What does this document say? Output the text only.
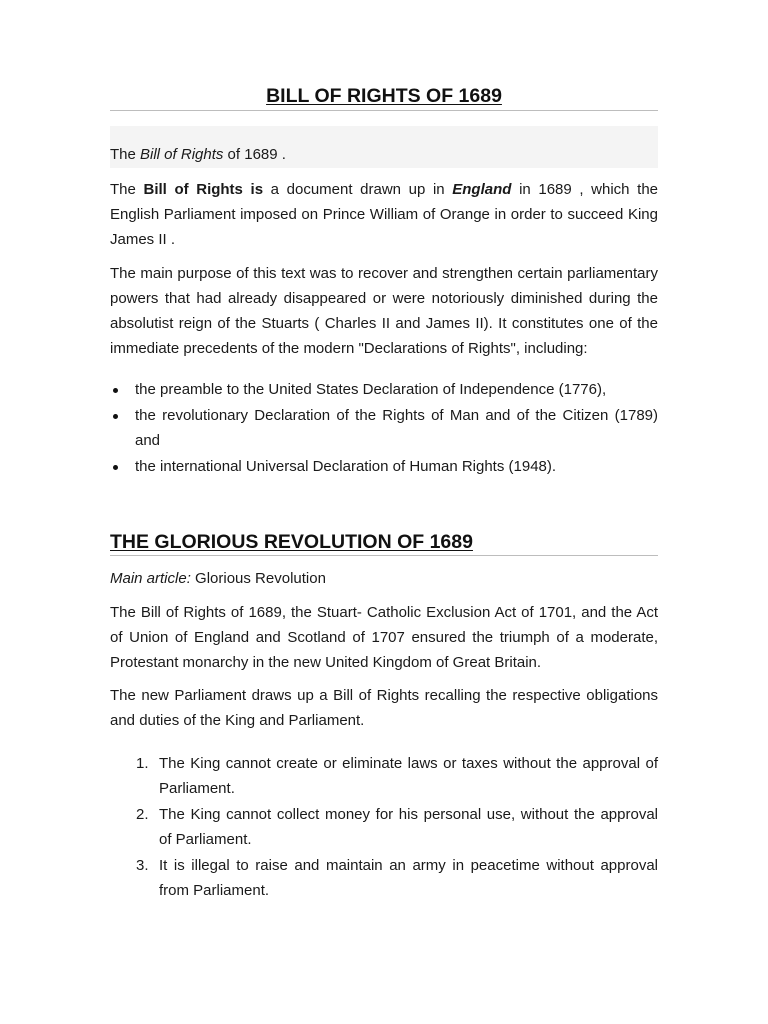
BILL OF RIGHTS OF 1689

The Bill of Rights of 1689 .

The Bill of Rights is a document drawn up in England in 1689 , which the English Parliament imposed on Prince William of Orange in order to succeed King James II .

The main purpose of this text was to recover and strengthen certain parliamentary powers that had already disappeared or were notoriously diminished during the absolutist reign of the Stuarts ( Charles II and James II). It constitutes one of the immediate precedents of the modern "Declarations of Rights", including:

the preamble to the United States Declaration of Independence (1776),
the revolutionary Declaration of the Rights of Man and of the Citizen (1789) and
the international Universal Declaration of Human Rights (1948).
THE GLORIOUS REVOLUTION OF 1689

Main article: Glorious Revolution

The Bill of Rights of 1689, the Stuart- Catholic Exclusion Act of 1701, and the Act of Union of England and Scotland of 1707 ensured the triumph of a moderate, Protestant monarchy in the new United Kingdom of Great Britain.

The new Parliament draws up a Bill of Rights recalling the respective obligations and duties of the King and Parliament.

1. The King cannot create or eliminate laws or taxes without the approval of Parliament.
2. The King cannot collect money for his personal use, without the approval of Parliament.
3. It is illegal to raise and maintain an army in peacetime without approval from Parliament.
